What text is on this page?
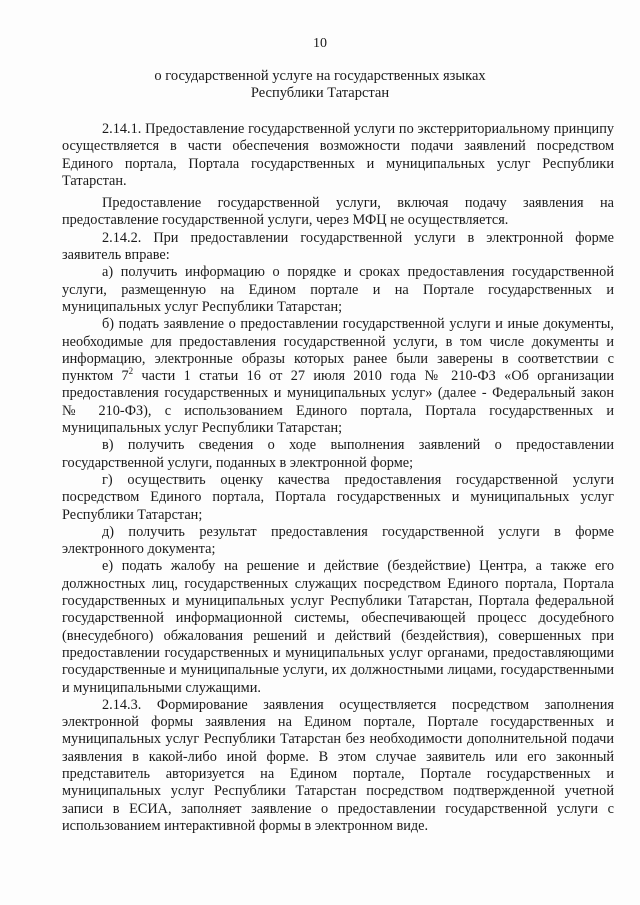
10
о государственной услуге на государственных языках
Республики Татарстан

2.14.1. Предоставление государственной услуги по экстерриториальному принципу осуществляется в части обеспечения возможности подачи заявлений посредством Единого портала, Портала государственных и муниципальных услуг Республики Татарстан.

Предоставление государственной услуги, включая подачу заявления на предоставление государственной услуги, через МФЦ не осуществляется.

2.14.2. При предоставлении государственной услуги в электронной форме заявитель вправе:

а) получить информацию о порядке и сроках предоставления государственной услуги, размещенную на Едином портале и на Портале государственных и муниципальных услуг Республики Татарстан;

б) подать заявление о предоставлении государственной услуги и иные документы, необходимые для предоставления государственной услуги, в том числе документы и информацию, электронные образы которых ранее были заверены в соответствии с пунктом $7^2$ части 1 статьи 16 от 27 июля 2010 года № 210-ФЗ «Об организации предоставления государственных и муниципальных услуг» (далее - Федеральный закон № 210-ФЗ), с использованием Единого портала, Портала государственных и муниципальных услуг Республики Татарстан;

в) получить сведения о ходе выполнения заявлений о предоставлении государственной услуги, поданных в электронной форме;

г) осуществить оценку качества предоставления государственной услуги посредством Единого портала, Портала государственных и муниципальных услуг Республики Татарстан;

д) получить результат предоставления государственной услуги в форме электронного документа;

е) подать жалобу на решение и действие (бездействие) Центра, а также его должностных лиц, государственных служащих посредством Единого портала, Портала государственных и муниципальных услуг Республики Татарстан, Портала федеральной государственной информационной системы, обеспечивающей процесс досудебного (внесудебного) обжалования решений и действий (бездействия), совершенных при предоставлении государственных и муниципальных услуг органами, предоставляющими государственные и муниципальные услуги, их должностными лицами, государственными и муниципальными служащими.

2.14.3. Формирование заявления осуществляется посредством заполнения электронной формы заявления на Едином портале, Портале государственных и муниципальных услуг Республики Татарстан без необходимости дополнительной подачи заявления в какой-либо иной форме. В этом случае заявитель или его законный представитель авторизуется на Едином портале, Портале государственных и муниципальных услуг Республики Татарстан посредством подтвержденной учетной записи в ЕСИА, заполняет заявление о предоставлении государственной услуги с использованием интерактивной формы в электронном виде.
